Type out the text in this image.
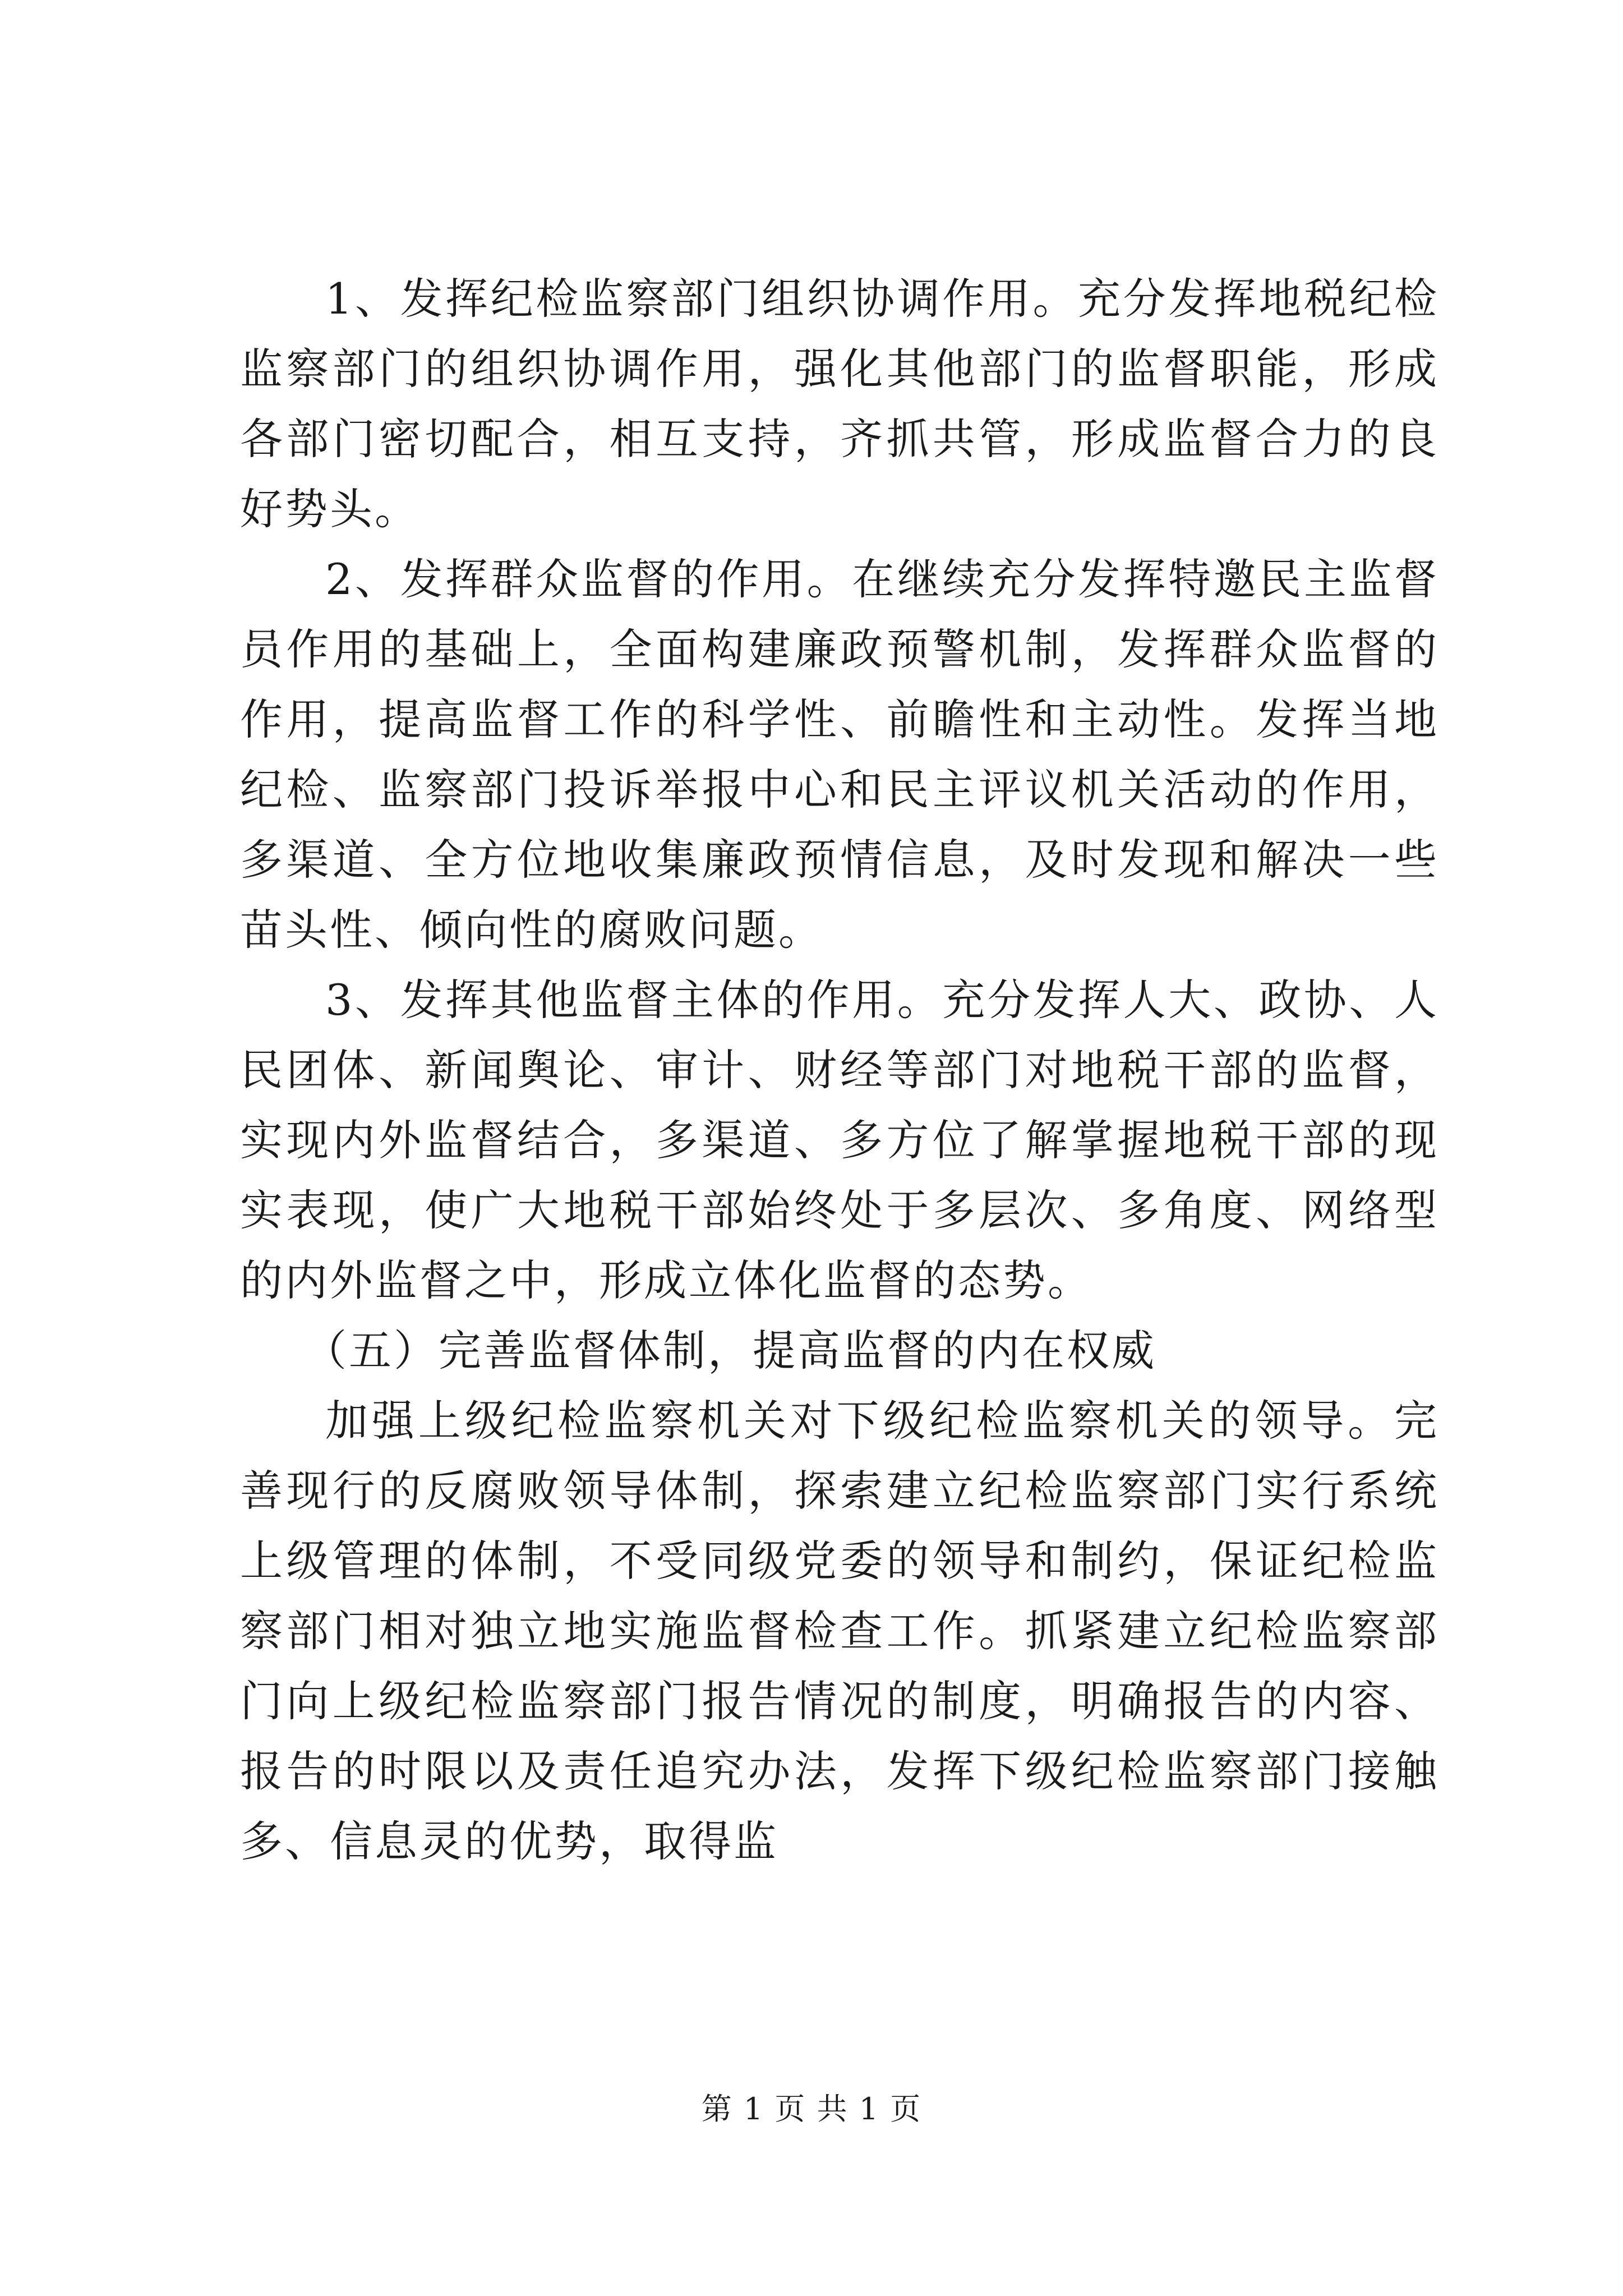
1、发挥纪检监察部门组织协调作用。充分发挥地税纪检监察部门的组织协调作用，强化其他部门的监督职能，形成各部门密切配合，相互支持，齐抓共管，形成监督合力的良好势头。

2、发挥群众监督的作用。在继续充分发挥特邀民主监督员作用的基础上，全面构建廉政预警机制，发挥群众监督的作用，提高监督工作的科学性、前瞻性和主动性。发挥当地纪检、监察部门投诉举报中心和民主评议机关活动的作用，多渠道、全方位地收集廉政预情信息，及时发现和解决一些苗头性、倾向性的腐败问题。

3、发挥其他监督主体的作用。充分发挥人大、政协、人民团体、新闻舆论、审计、财经等部门对地税干部的监督，实现内外监督结合，多渠道、多方位了解掌握地税干部的现实表现，使广大地税干部始终处于多层次、多角度、网络型的内外监督之中，形成立体化监督的态势。

（五）完善监督体制，提高监督的内在权威

加强上级纪检监察机关对下级纪检监察机关的领导。完善现行的反腐败领导体制，探索建立纪检监察部门实行系统上级管理的体制，不受同级党委的领导和制约，保证纪检监察部门相对独立地实施监督检查工作。抓紧建立纪检监察部门向上级纪检监察部门报告情况的制度，明确报告的内容、报告的时限以及责任追究办法，发挥下级纪检监察部门接触多、信息灵的优势，取得监

第 1 页 共 1 页
